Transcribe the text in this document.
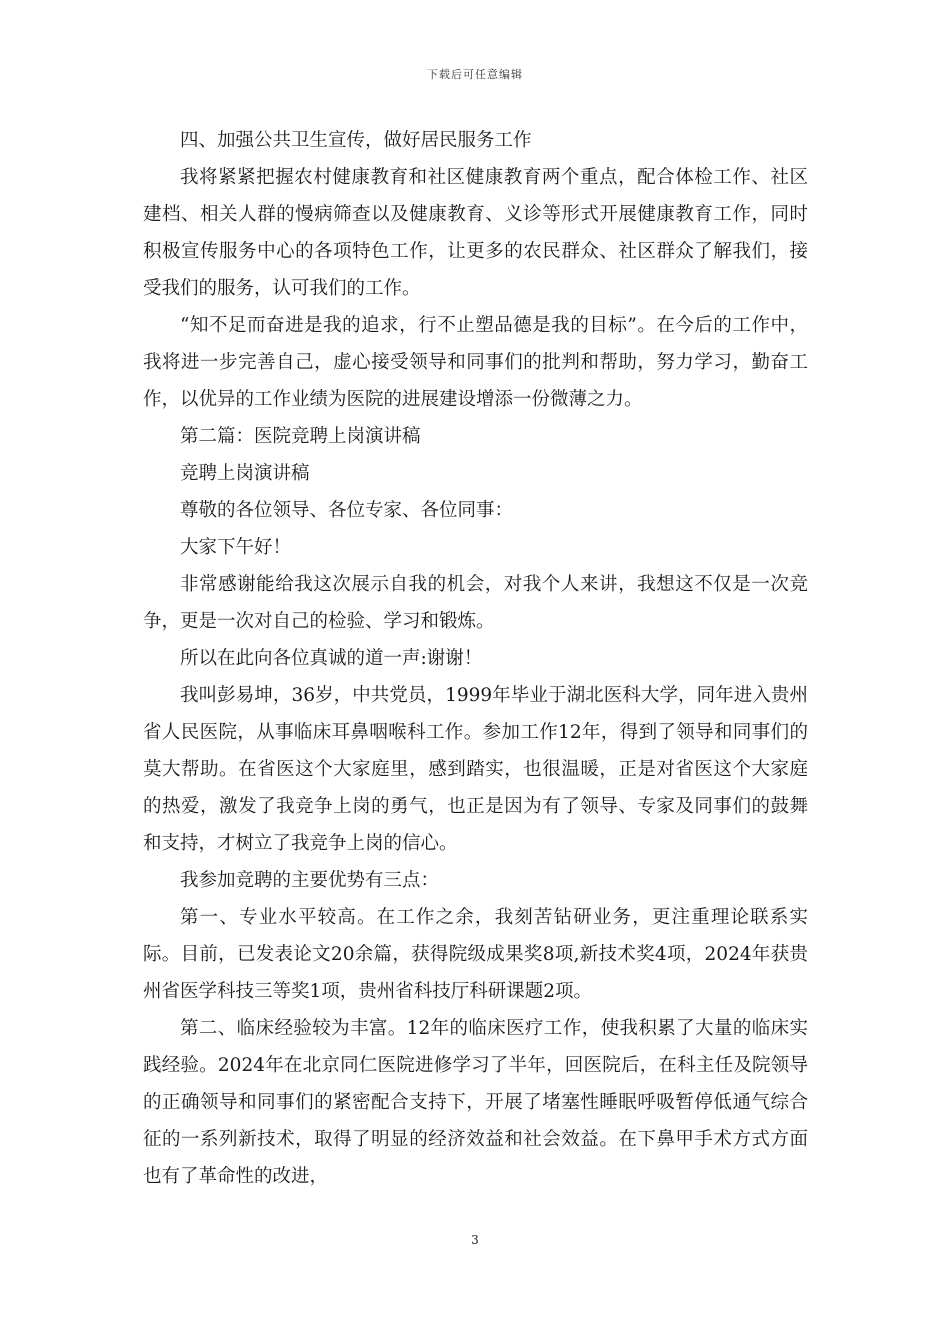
下载后可任意编辑

四、加强公共卫生宣传，做好居民服务工作

我将紧紧把握农村健康教育和社区健康教育两个重点，配合体检工作、社区建档、相关人群的慢病筛查以及健康教育、义诊等形式开展健康教育工作，同时积极宣传服务中心的各项特色工作，让更多的农民群众、社区群众了解我们，接受我们的服务，认可我们的工作。

“知不足而奋进是我的追求，行不止塑品德是我的目标”。在今后的工作中，我将进一步完善自己，虚心接受领导和同事们的批判和帮助，努力学习，勤奋工作，以优异的工作业绩为医院的进展建设增添一份微薄之力。

第二篇：医院竞聘上岗演讲稿

竞聘上岗演讲稿

尊敬的各位领导、各位专家、各位同事：

大家下午好！

非常感谢能给我这次展示自我的机会，对我个人来讲，我想这不仅是一次竞争，更是一次对自己的检验、学习和锻炼。

所以在此向各位真诚的道一声:谢谢！

我叫彭易坤，36岁，中共党员，1999年毕业于湖北医科大学，同年进入贵州省人民医院，从事临床耳鼻咽喉科工作。参加工作12年，得到了领导和同事们的莫大帮助。在省医这个大家庭里，感到踏实，也很温暖，正是对省医这个大家庭的热爱，激发了我竞争上岗的勇气，也正是因为有了领导、专家及同事们的鼓舞和支持，才树立了我竞争上岗的信心。

我参加竞聘的主要优势有三点：

第一、专业水平较高。在工作之余，我刻苦钻研业务，更注重理论联系实际。目前，已发表论文20余篇，获得院级成果奖8项,新技术奖4项，2024年获贵州省医学科技三等奖1项，贵州省科技厅科研课题2项。

第二、临床经验较为丰富。12年的临床医疗工作，使我积累了大量的临床实践经验。2024年在北京同仁医院进修学习了半年，回医院后，在科主任及院领导的正确领导和同事们的紧密配合支持下，开展了堵塞性睡眠呼吸暂停低通气综合征的一系列新技术，取得了明显的经济效益和社会效益。在下鼻甲手术方式方面也有了革命性的改进，

3
